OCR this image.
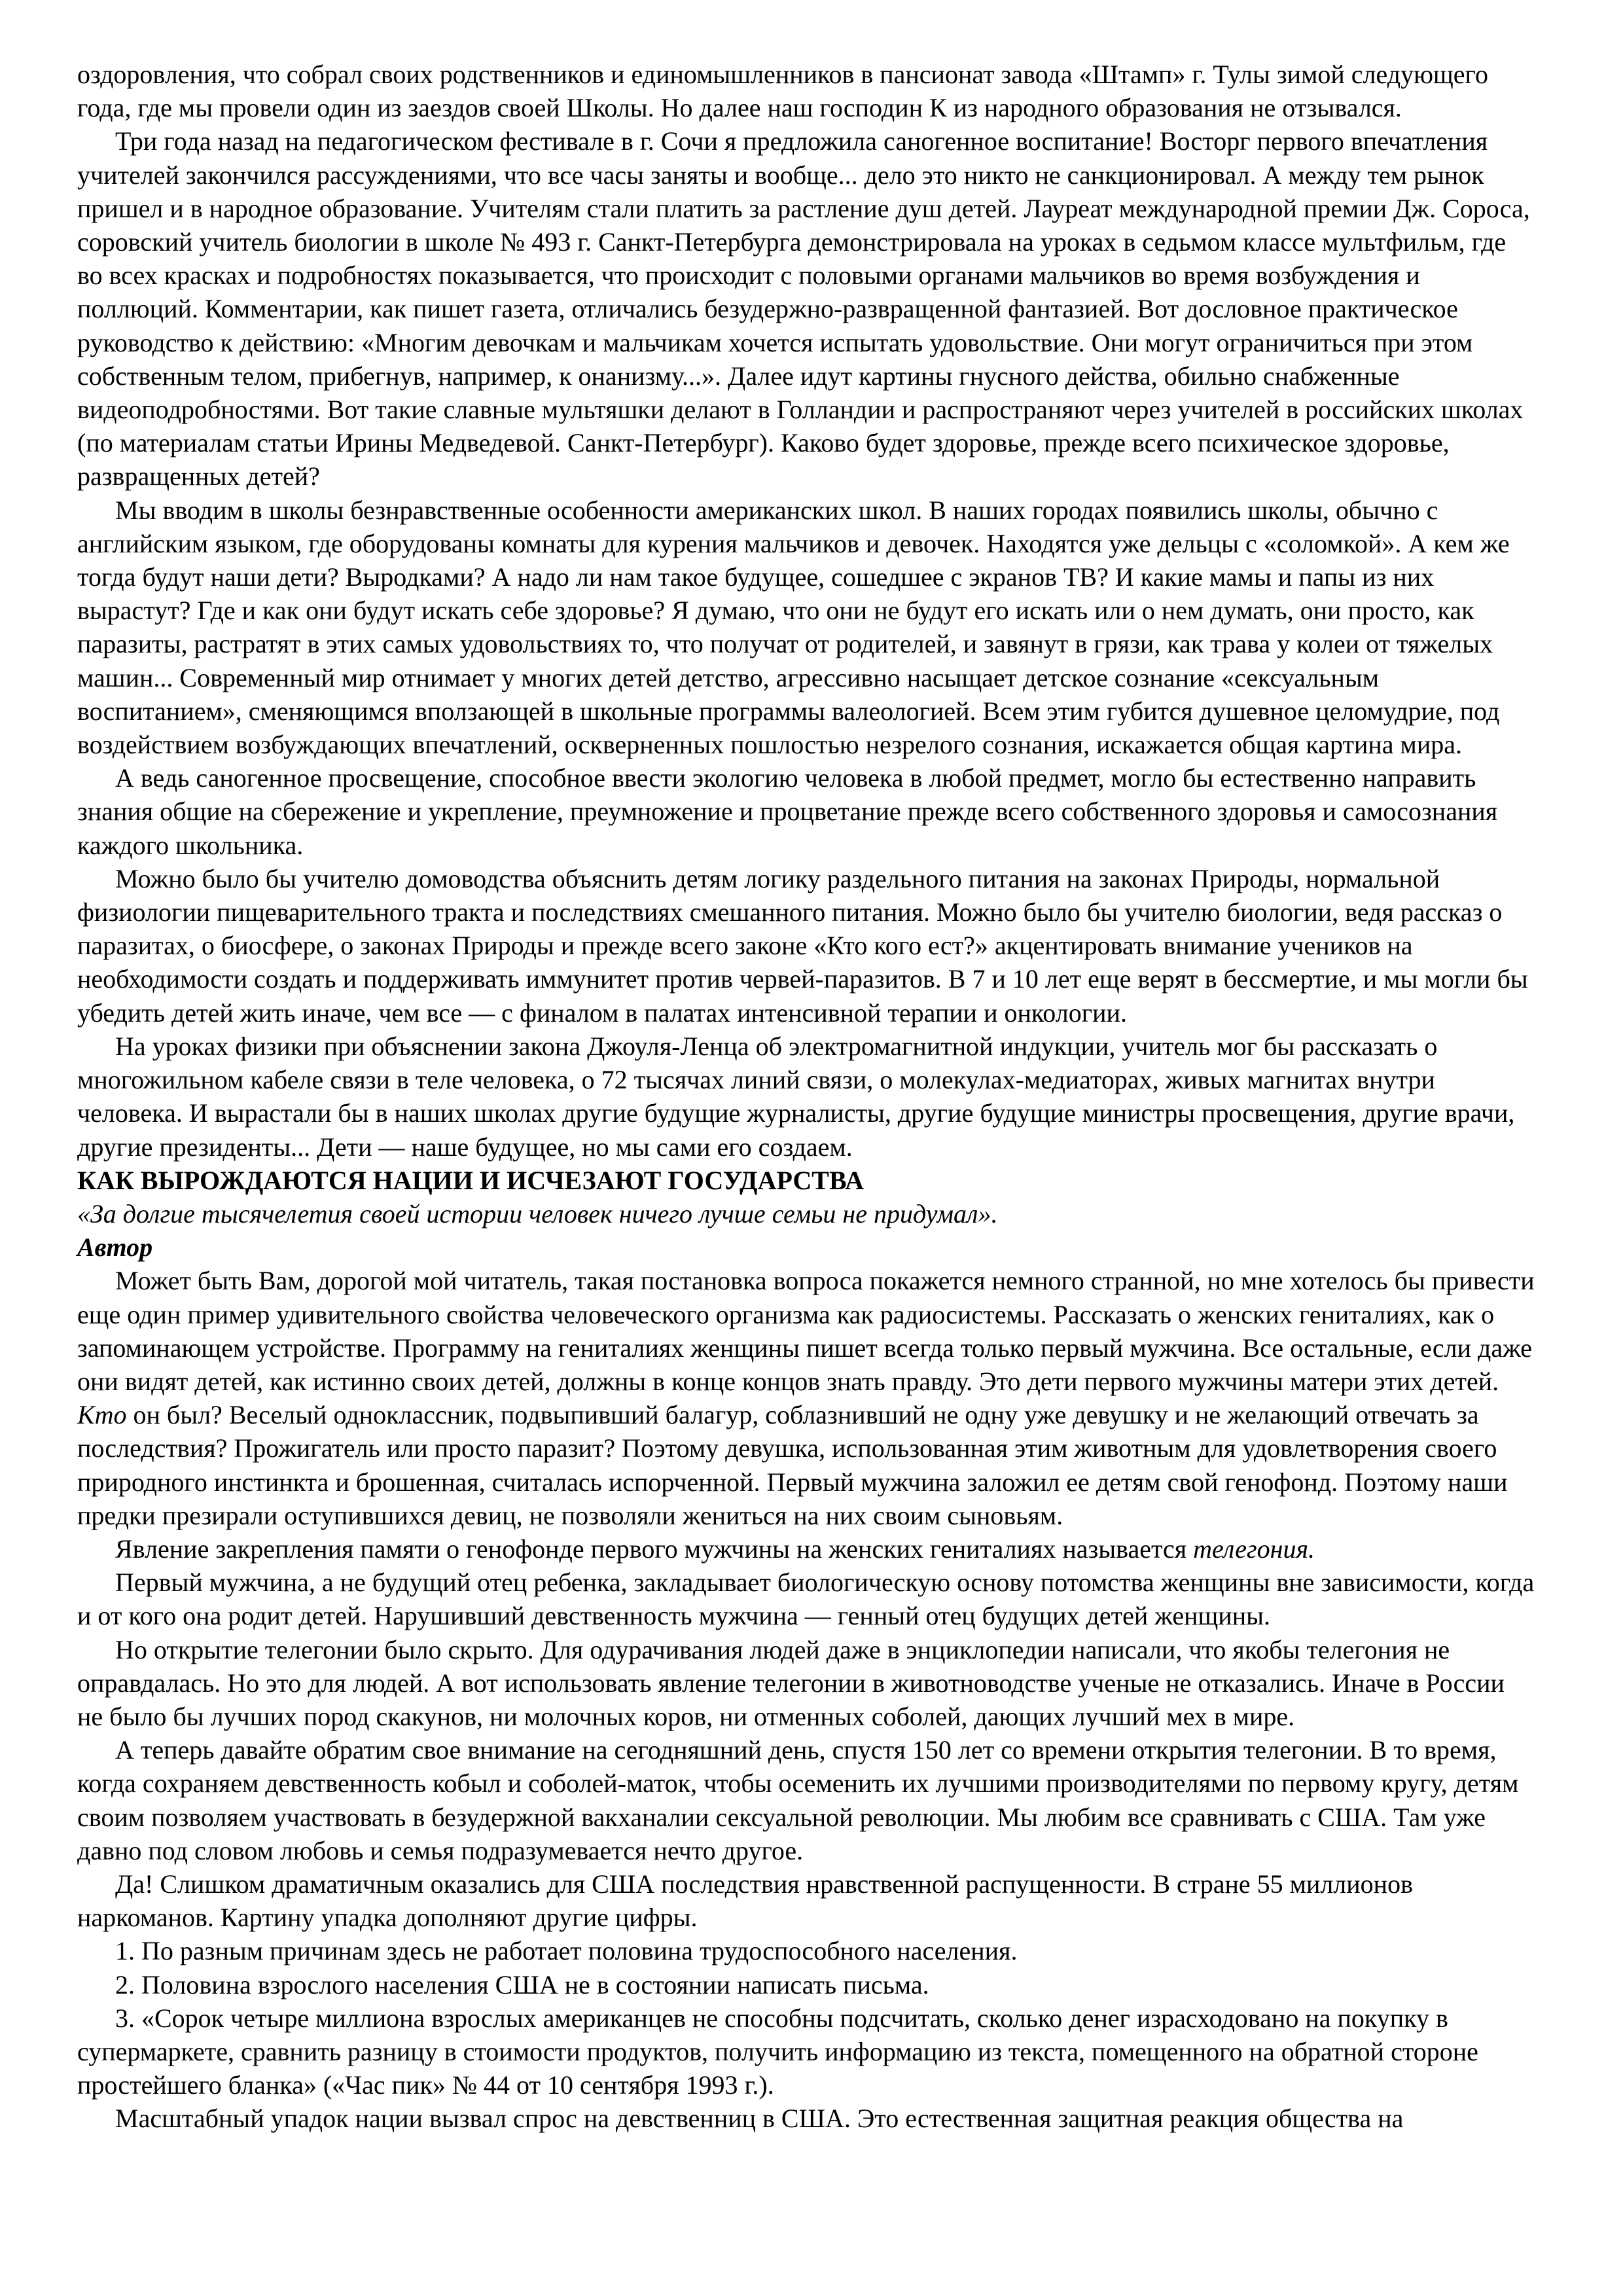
оздоровления, что собрал своих родственников и единомышленников в пансионат завода «Штамп» г. Тулы зимой следующего года, где мы провели один из заездов своей Школы. Но далее наш господин К из народного образования не отзывался.

Три года назад на педагогическом фестивале в г. Сочи я предложила саногенное воспитание! Восторг первого впечатления учителей закончился рассуждениями, что все часы заняты и вообще... дело это никто не санкционировал. А между тем рынок пришел и в народное образование. Учителям стали платить за растление душ детей. Лауреат международной премии Дж. Сороса, соровский учитель биологии в школе № 493 г. Санкт-Петербурга демонстрировала на уроках в седьмом классе мультфильм, где во всех красках и подробностях показывается, что происходит с половыми органами мальчиков во время возбуждения и поллюций. Комментарии, как пишет газета, отличались безудержно-развращенной фантазией. Вот дословное практическое руководство к действию: «Многим девочкам и мальчикам хочется испытать удовольствие. Они могут ограничиться при этом собственным телом, прибегнув, например, к онанизму...». Далее идут картины гнусного действа, обильно снабженные видеоподробностями. Вот такие славные мультяшки делают в Голландии и распространяют через учителей в российских школах (по материалам статьи Ирины Медведевой. Санкт-Петербург). Каково будет здоровье, прежде всего психическое здоровье, развращенных детей?

Мы вводим в школы безнравственные особенности американских школ. В наших городах появились школы, обычно с английским языком, где оборудованы комнаты для курения мальчиков и девочек. Находятся уже дельцы с «соломкой». А кем же тогда будут наши дети? Выродками? А надо ли нам такое будущее, сошедшее с экранов ТВ? И какие мамы и папы из них вырастут? Где и как они будут искать себе здоровье? Я думаю, что они не будут его искать или о нем думать, они просто, как паразиты, растратят в этих самых удовольствиях то, что получат от родителей, и завянут в грязи, как трава у колеи от тяжелых машин... Современный мир отнимает у многих детей детство, агрессивно насыщает детское сознание «сексуальным воспитанием», сменяющимся вползающей в школьные программы валеологией. Всем этим губится душевное целомудрие, под воздействием возбуждающих впечатлений, оскверненных пошлостью незрелого сознания, искажается общая картина мира.

А ведь саногенное просвещение, способное ввести экологию человека в любой предмет, могло бы естественно направить знания общие на сбережение и укрепление, преумножение и процветание прежде всего собственного здоровья и самосознания каждого школьника.

Можно было бы учителю домоводства объяснить детям логику раздельного питания на законах Природы, нормальной физиологии пищеварительного тракта и последствиях смешанного питания. Можно было бы учителю биологии, ведя рассказ о паразитах, о биосфере, о законах Природы и прежде всего законе «Кто кого ест?» акцентировать внимание учеников на необходимости создать и поддерживать иммунитет против червей-паразитов. В 7 и 10 лет еще верят в бессмертие, и мы могли бы убедить детей жить иначе, чем все — с финалом в палатах интенсивной терапии и онкологии.

На уроках физики при объяснении закона Джоуля-Ленца об электромагнитной индукции, учитель мог бы рассказать о многожильном кабеле связи в теле человека, о 72 тысячах линий связи, о молекулах-медиаторах, живых магнитах внутри человека. И вырастали бы в наших школах другие будущие журналисты, другие будущие министры просвещения, другие врачи, другие президенты... Дети — наше будущее, но мы сами его создаем.

КАК ВЫРОЖДАЮТСЯ НАЦИИ И ИСЧЕЗАЮТ ГОСУДАРСТВА

«За долгие тысячелетия своей истории человек ничего лучше семьи не придумал».

Автор

Может быть Вам, дорогой мой читатель, такая постановка вопроса покажется немного странной, но мне хотелось бы привести еще один пример удивительного свойства человеческого организма как радиосистемы. Рассказать о женских гениталиях, как о запоминающем устройстве. Программу на гениталиях женщины пишет всегда только первый мужчина. Все остальные, если даже они видят детей, как истинно своих детей, должны в конце концов знать правду. Это дети первого мужчины матери этих детей. Кто он был? Веселый одноклассник, подвыпивший балагур, соблазнивший не одну уже девушку и не желающий отвечать за последствия? Прожигатель или просто паразит? Поэтому девушка, использованная этим животным для удовлетворения своего природного инстинкта и брошенная, считалась испорченной. Первый мужчина заложил ее детям свой генофонд. Поэтому наши предки презирали оступившихся девиц, не позволяли жениться на них своим сыновьям.

Явление закрепления памяти о генофонде первого мужчины на женских гениталиях называется телегония.

Первый мужчина, а не будущий отец ребенка, закладывает биологическую основу потомства женщины вне зависимости, когда и от кого она родит детей. Нарушивший девственность мужчина — генный отец будущих детей женщины.

Но открытие телегонии было скрыто. Для одурачивания людей даже в энциклопедии написали, что якобы телегония не оправдалась. Но это для людей. А вот использовать явление телегонии в животноводстве ученые не отказались. Иначе в России не было бы лучших пород скакунов, ни молочных коров, ни отменных соболей, дающих лучший мех в мире.

А теперь давайте обратим свое внимание на сегодняшний день, спустя 150 лет со времени открытия телегонии. В то время, когда сохраняем девственность кобыл и соболей-маток, чтобы осеменить их лучшими производителями по первому кругу, детям своим позволяем участвовать в безудержной вакханалии сексуальной революции. Мы любим все сравнивать с США. Там уже давно под словом любовь и семья подразумевается нечто другое.

Да! Слишком драматичным оказались для США последствия нравственной распущенности. В стране 55 миллионов наркоманов. Картину упадка дополняют другие цифры.

1. По разным причинам здесь не работает половина трудоспособного населения.

2. Половина взрослого населения США не в состоянии написать письма.

3. «Сорок четыре миллиона взрослых американцев не способны подсчитать, сколько денег израсходовано на покупку в супермаркете, сравнить разницу в стоимости продуктов, получить информацию из текста, помещенного на обратной стороне простейшего бланка» («Час пик» № 44 от 10 сентября 1993 г.).

Масштабный упадок нации вызвал спрос на девственниц в США. Это естественная защитная реакция общества на
